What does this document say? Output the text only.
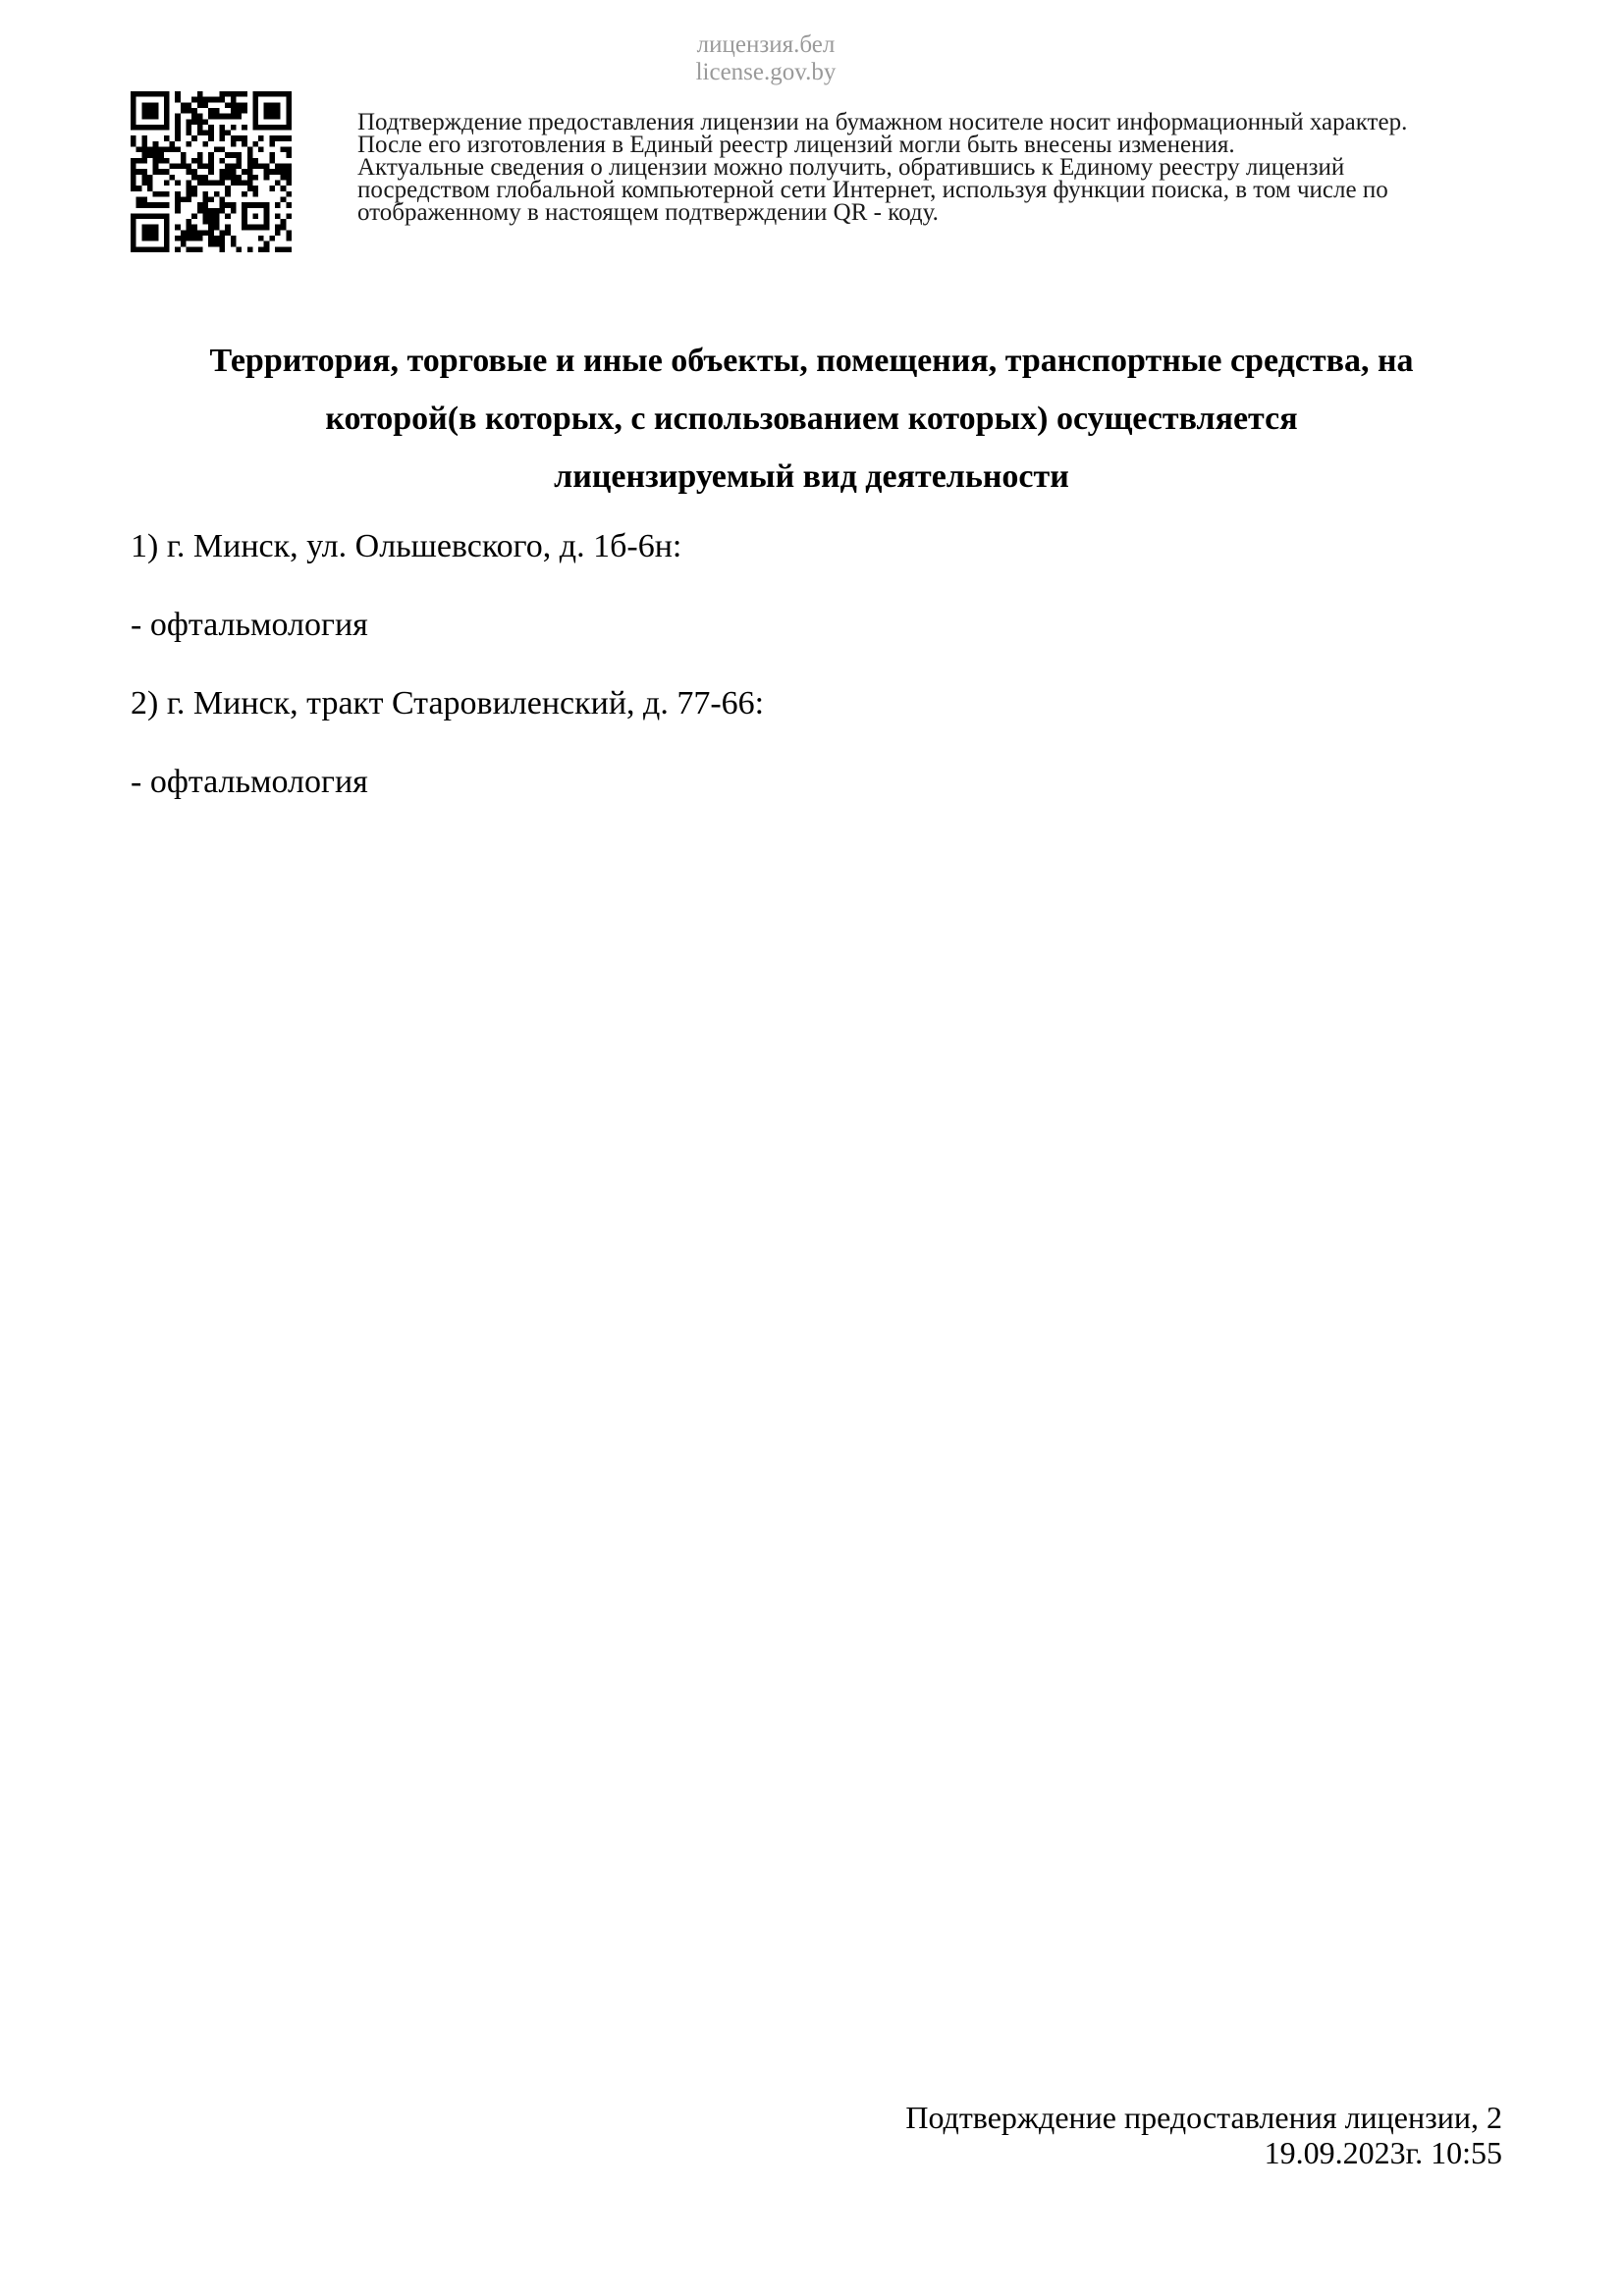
лицензия.бел
license.gov.by
Подтверждение предоставления лицензии на бумажном носителе носит информационный характер.
После его изготовления в Единый реестр лицензий могли быть внесены изменения.
Актуальные сведения о лицензии можно получить, обратившись к Единому реестру лицензий
посредством глобальной компьютерной сети Интернет, используя функции поиска, в том числе по
отображенному в настоящем подтверждении QR - коду.
Территория, торговые и иные объекты, помещения, транспортные средства, на
которой(в которых, с использованием которых) осуществляется
лицензируемый вид деятельности
1) г. Минск, ул. Ольшевского, д. 1б-6н:
- офтальмология
2) г. Минск, тракт Старовиленский, д. 77-66:
- офтальмология
Подтверждение предоставления лицензии, 2
19.09.2023г. 10:55
